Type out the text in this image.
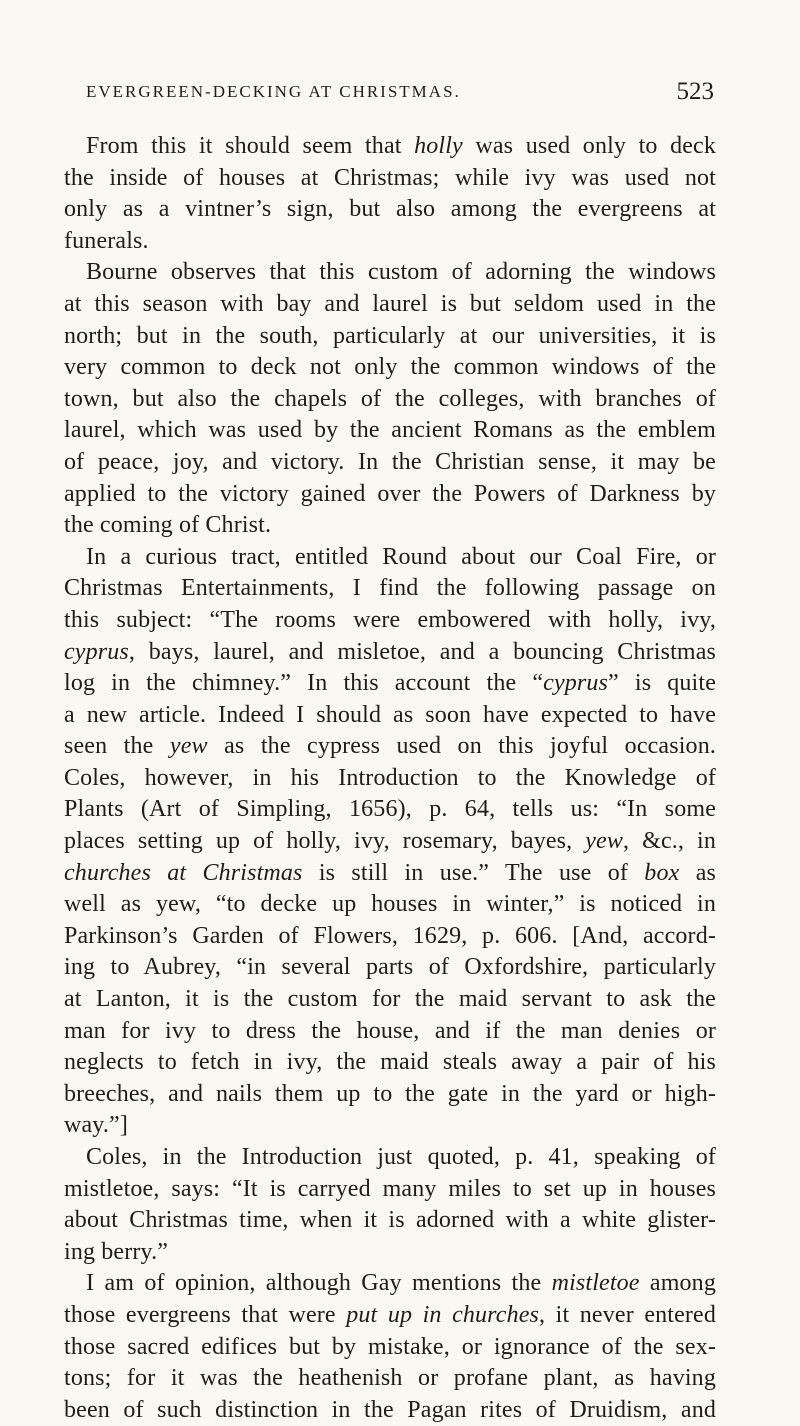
EVERGREEN-DECKING AT CHRISTMAS.	523
From this it should seem that holly was used only to deck
the inside of houses at Christmas; while ivy was used not
only as a vintner’s sign, but also among the evergreens at
funerals.
Bourne observes that this custom of adorning the windows
at this season with bay and laurel is but seldom used in the
north; but in the south, particularly at our universities, it is
very common to deck not only the common windows of the
town, but also the chapels of the colleges, with branches of
laurel, which was used by the ancient Romans as the emblem
of peace, joy, and victory. In the Christian sense, it may be
applied to the victory gained over the Powers of Darkness by
the coming of Christ.
In a curious tract, entitled Round about our Coal Fire, or
Christmas Entertainments, I find the following passage on
this subject: “The rooms were embowered with holly, ivy,
cyprus, bays, laurel, and misletoe, and a bouncing Christmas
log in the chimney.” In this account the “cyprus” is quite
a new article. Indeed I should as soon have expected to have
seen the yew as the cypress used on this joyful occasion.
Coles, however, in his Introduction to the Knowledge of
Plants (Art of Simpling, 1656), p. 64, tells us: “In some
places setting up of holly, ivy, rosemary, bayes, yew, &c., in
churches at Christmas is still in use.” The use of box as
well as yew, “to decke up houses in winter,” is noticed in
Parkinson’s Garden of Flowers, 1629, p. 606. [And, accord-
ing to Aubrey, “in several parts of Oxfordshire, particularly
at Lanton, it is the custom for the maid servant to ask the
man for ivy to dress the house, and if the man denies or
neglects to fetch in ivy, the maid steals away a pair of his
breeches, and nails them up to the gate in the yard or high-
way.”]
Coles, in the Introduction just quoted, p. 41, speaking of
mistletoe, says: “It is carryed many miles to set up in houses
about Christmas time, when it is adorned with a white glister-
ing berry.”
I am of opinion, although Gay mentions the mistletoe among
those evergreens that were put up in churches, it never entered
those sacred edifices but by mistake, or ignorance of the sex-
tons; for it was the heathenish or profane plant, as having
been of such distinction in the Pagan rites of Druidism, and
